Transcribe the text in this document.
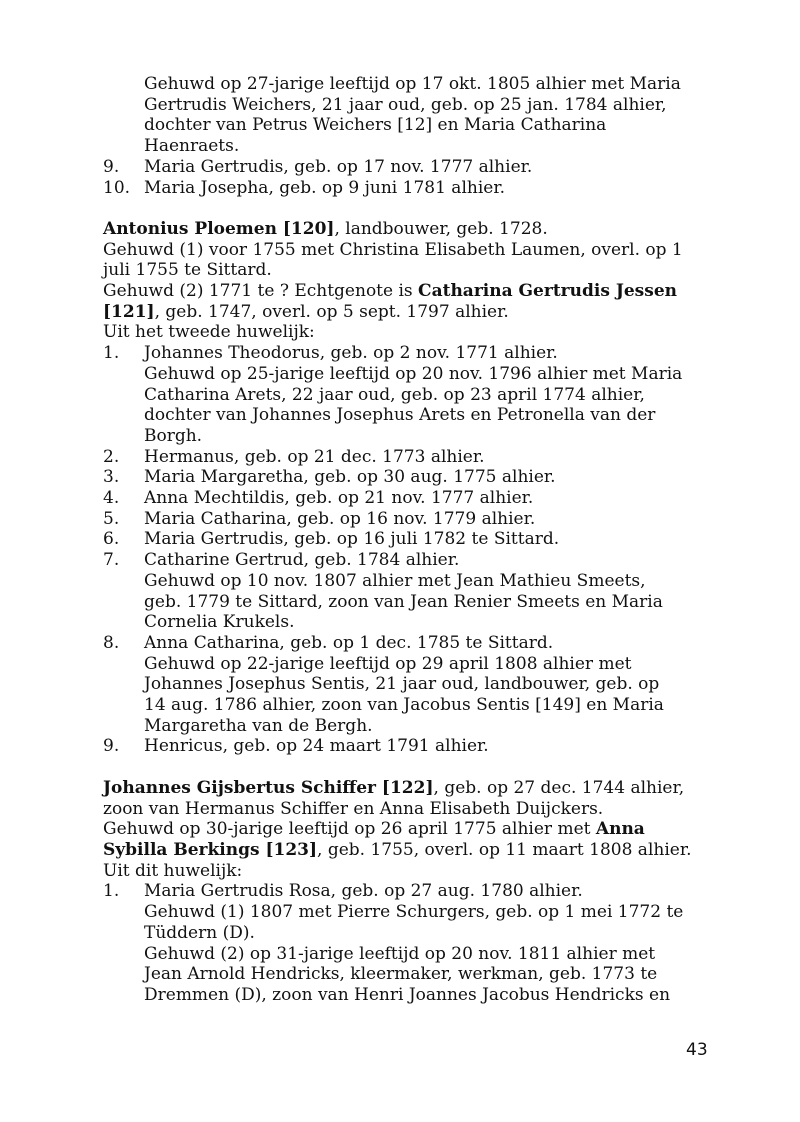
Gehuwd op 27-jarige leeftijd op 17 okt. 1805 alhier met Maria
Gertrudis Weichers, 21 jaar oud, geb. op 25 jan. 1784 alhier,
dochter van Petrus Weichers [12] en Maria Catharina
Haenraets.
9.	Maria Gertrudis, geb. op 17 nov. 1777 alhier.
10. Maria Josepha, geb. op 9 juni 1781 alhier.
Antonius Ploemen [120], landbouwer, geb. 1728.
Gehuwd (1) voor 1755 met Christina Elisabeth Laumen, overl. op 1
juli 1755 te Sittard.
Gehuwd (2) 1771 te ? Echtgenote is Catharina Gertrudis Jessen
[121], geb. 1747, overl. op 5 sept. 1797 alhier.
Uit het tweede huwelijk:
1.	Johannes Theodorus, geb. op 2 nov. 1771 alhier.
Gehuwd op 25-jarige leeftijd op 20 nov. 1796 alhier met Maria
Catharina Arets, 22 jaar oud, geb. op 23 april 1774 alhier,
dochter van Johannes Josephus Arets en Petronella van der
Borgh.
2.	Hermanus, geb. op 21 dec. 1773 alhier.
3.	Maria Margaretha, geb. op 30 aug. 1775 alhier.
4.	Anna Mechtildis, geb. op 21 nov. 1777 alhier.
5.	Maria Catharina, geb. op 16 nov. 1779 alhier.
6.	Maria Gertrudis, geb. op 16 juli 1782 te Sittard.
7.	Catharine Gertrud, geb. 1784 alhier.
Gehuwd op 10 nov. 1807 alhier met Jean Mathieu Smeets,
geb. 1779 te Sittard, zoon van Jean Renier Smeets en Maria
Cornelia Krukels.
8.	Anna Catharina, geb. op 1 dec. 1785 te Sittard.
Gehuwd op 22-jarige leeftijd op 29 april 1808 alhier met
Johannes Josephus Sentis, 21 jaar oud, landbouwer, geb. op
14 aug. 1786 alhier, zoon van Jacobus Sentis [149] en Maria
Margaretha van de Bergh.
9.	Henricus, geb. op 24 maart 1791 alhier.
Johannes Gijsbertus Schiffer [122], geb. op 27 dec. 1744 alhier,
zoon van Hermanus Schiffer en Anna Elisabeth Duijckers.
Gehuwd op 30-jarige leeftijd op 26 april 1775 alhier met Anna
Sybilla Berkings [123], geb. 1755, overl. op 11 maart 1808 alhier.
Uit dit huwelijk:
1.	Maria Gertrudis Rosa, geb. op 27 aug. 1780 alhier.
Gehuwd (1) 1807 met Pierre Schurgers, geb. op 1 mei 1772 te
Tüddern (D).
Gehuwd (2) op 31-jarige leeftijd op 20 nov. 1811 alhier met
Jean Arnold Hendricks, kleermaker, werkman, geb. 1773 te
Dremmen (D), zoon van Henri Joannes Jacobus Hendricks en
43
